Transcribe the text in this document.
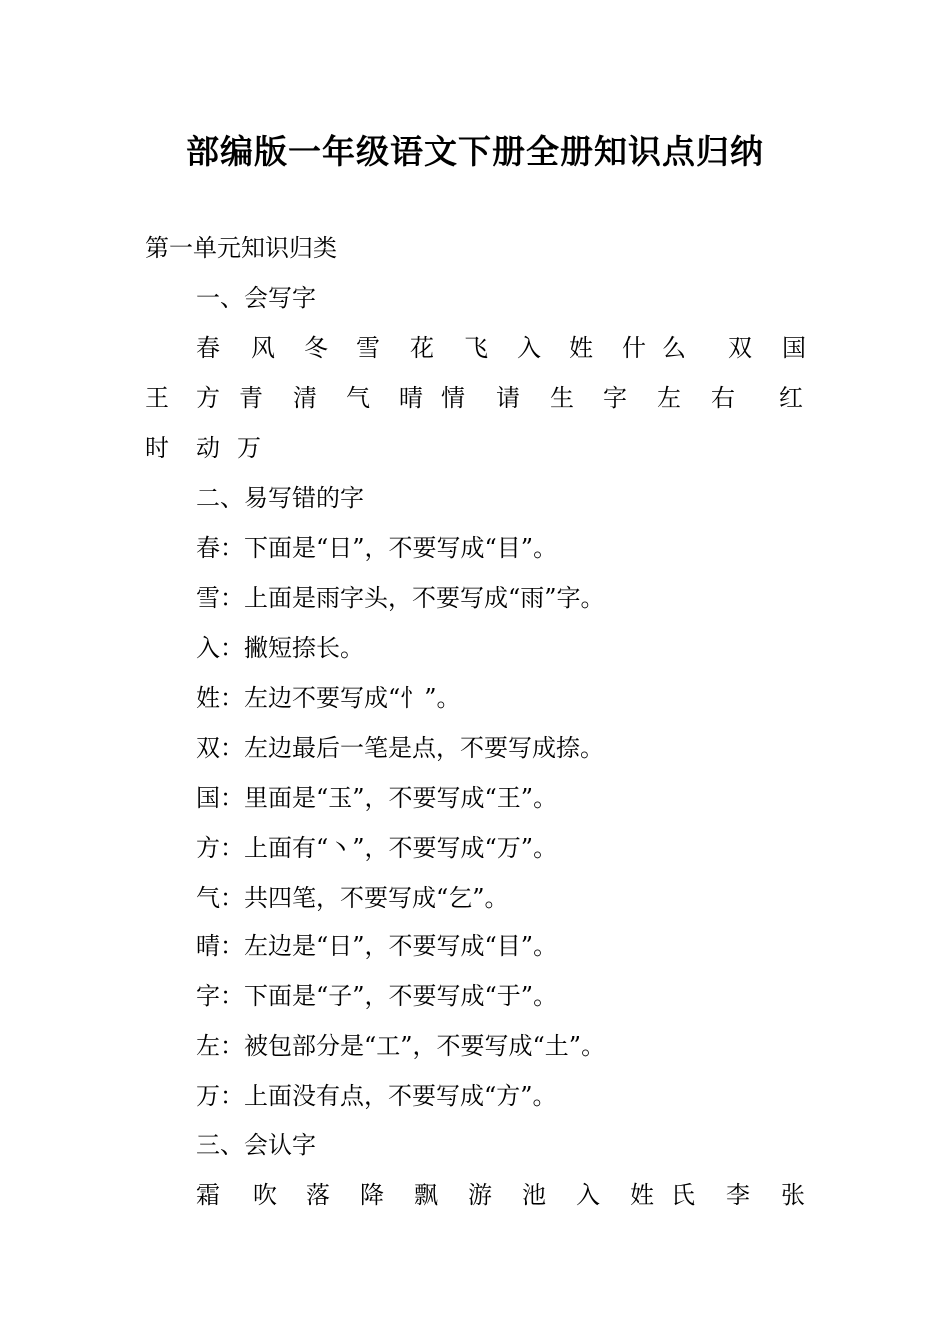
部编版一年级语文下册全册知识点归纳
第一单元知识归类
一、会写字
春 风 冬 雪 花 飞 入 姓 什 么 双 国
王 方 青 清 气 晴 情 请 生 字 左 右 红
时 动 万
二、易写错的字
春：下面是“日”，不要写成“目”。
雪：上面是雨字头，不要写成“雨”字。
入：撇短捺长。
姓：左边不要写成“忄”。
双：左边最后一笔是点，不要写成捺。
国：里面是“玉”，不要写成“王”。
方：上面有“丶”，不要写成“万”。
气：共四笔，不要写成“乞”。
晴：左边是“日”，不要写成“目”。
字：下面是“子”，不要写成“于”。
左：被包部分是“工”，不要写成“土”。
万：上面没有点，不要写成“方”。
三、会认字
霜 吹 落 降 飘 游 池 入 姓 氏 李 张
